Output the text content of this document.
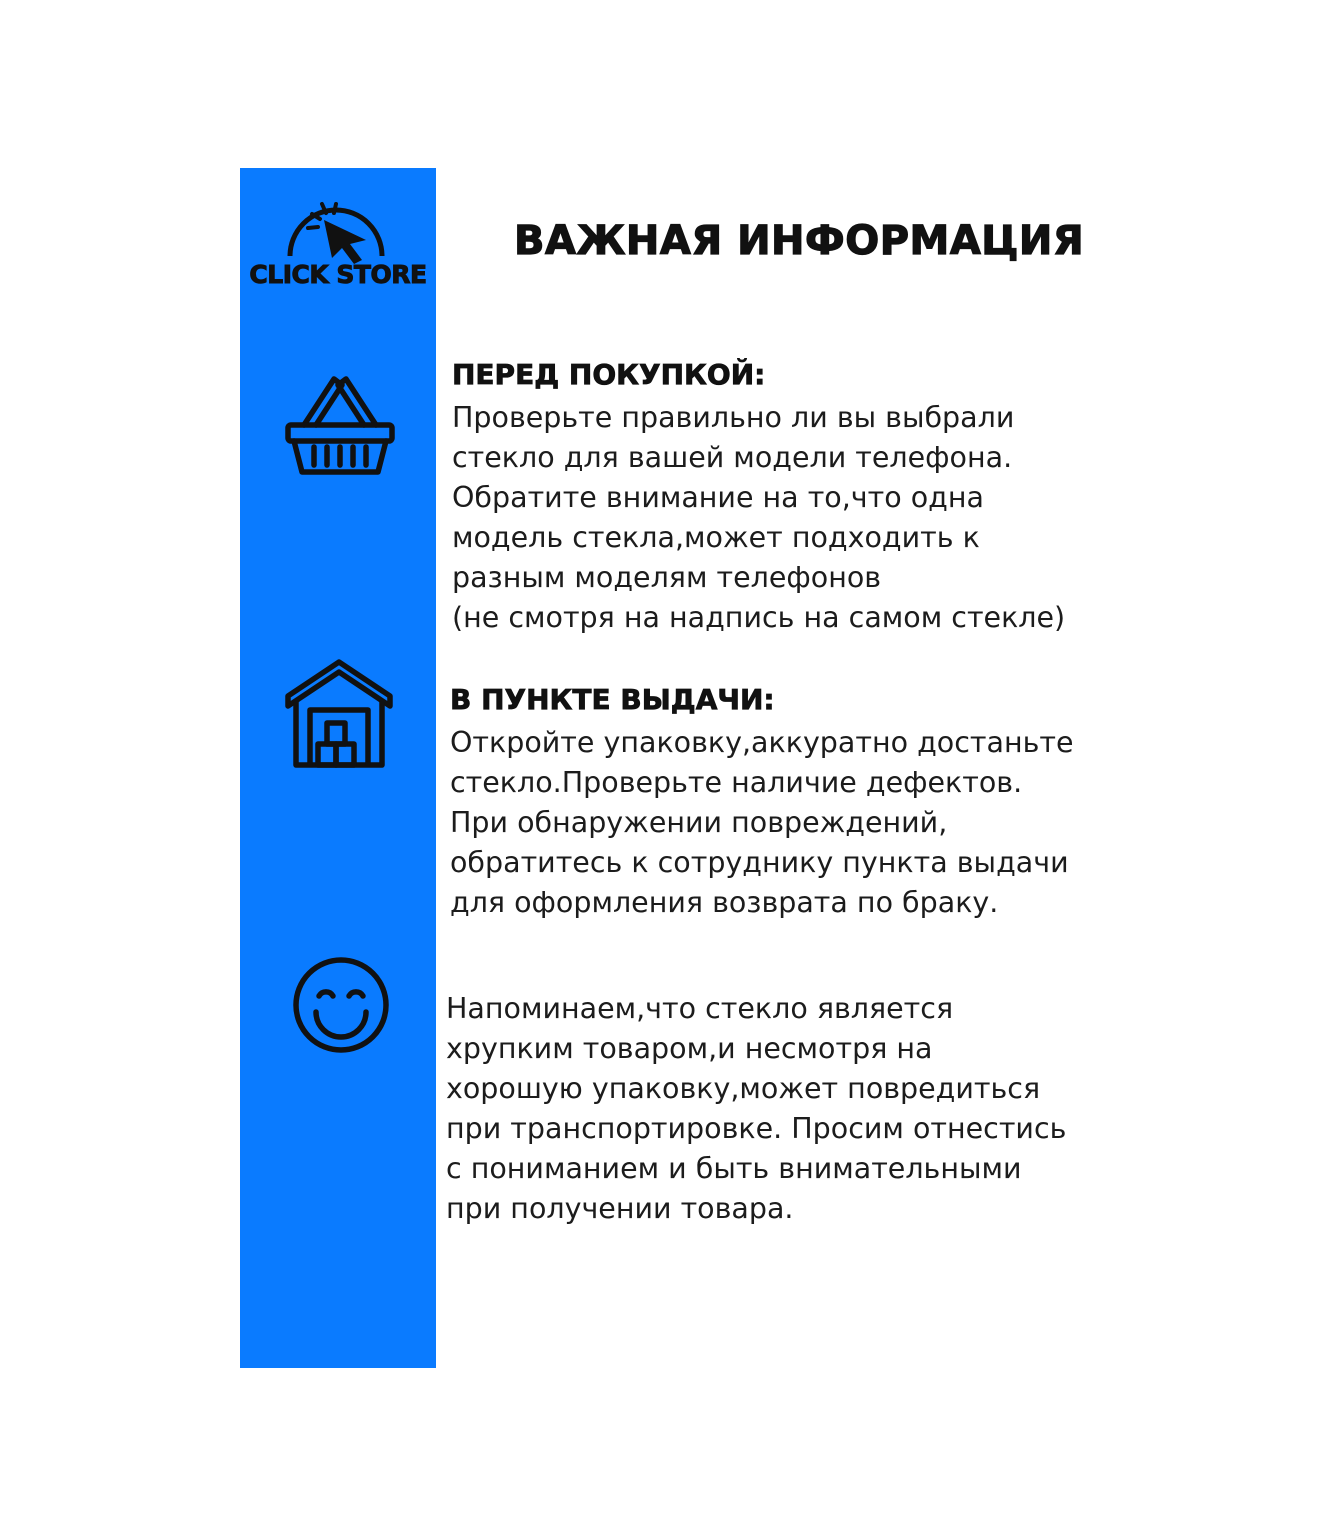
CLICK STORE
ВАЖНАЯ ИНФОРМАЦИЯ
ПЕРЕД ПОКУПКОЙ:
Проверьте правильно ли вы выбрали
стекло для вашей модели телефона.
Обратите внимание на то,что одна
модель стекла,может подходить к
разным моделям телефонов
(не смотря на надпись на самом стекле)
В ПУНКТЕ ВЫДАЧИ:
Откройте упаковку,аккуратно достаньте
стекло.Проверьте наличие дефектов.
При обнаружении повреждений,
обратитесь к сотруднику пункта выдачи
для оформления возврата по браку.
Напоминаем,что стекло является
хрупким товаром,и несмотря на
хорошую упаковку,может повредиться
при транспортировке. Просим отнестись
с пониманием и быть внимательными
при получении товара.
